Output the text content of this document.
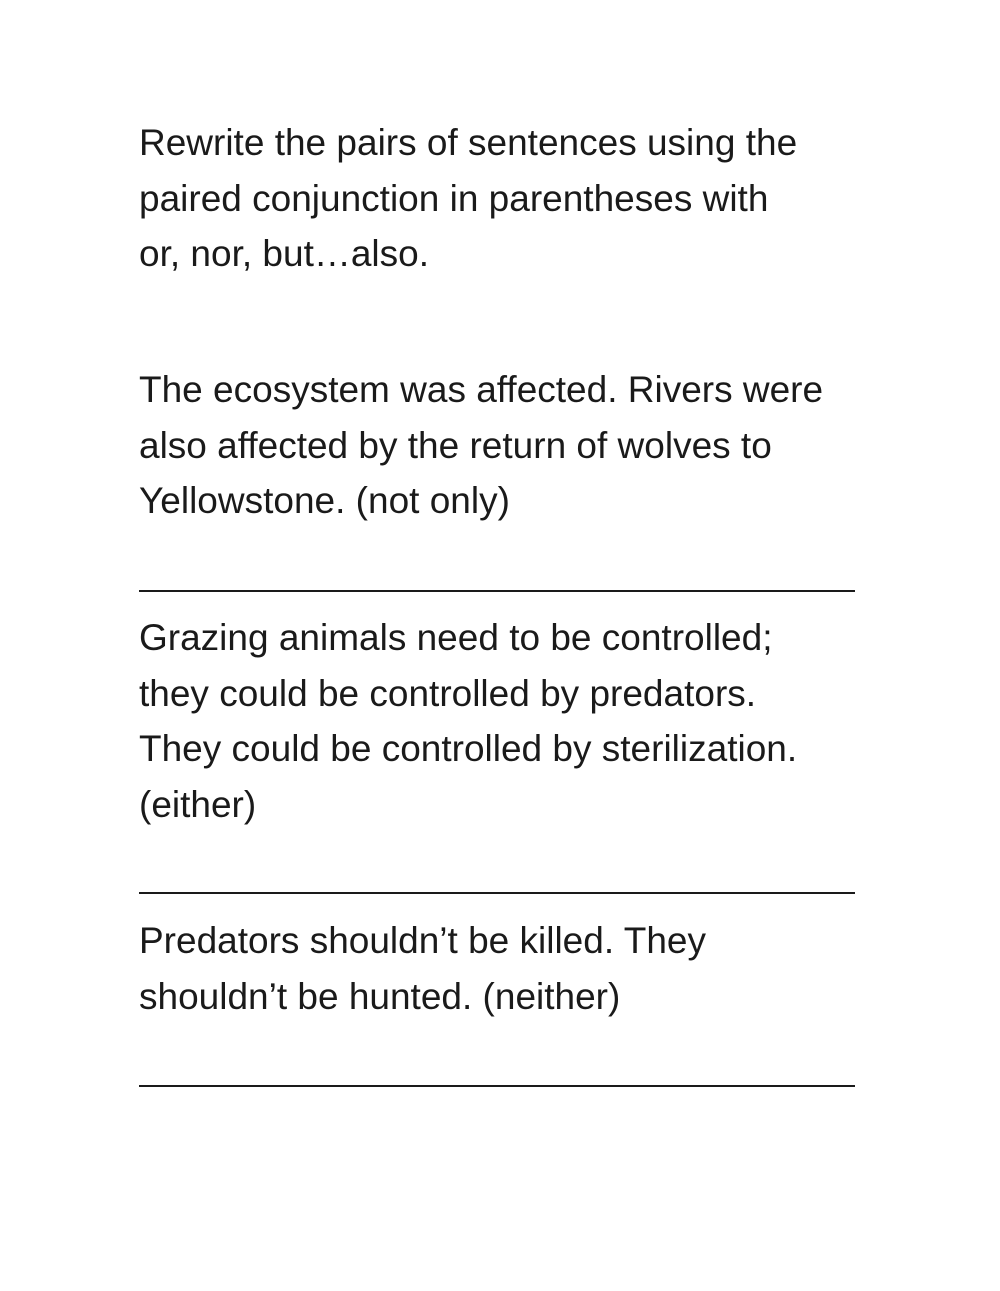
Rewrite the pairs of sentences using the
paired conjunction in parentheses with
or, nor, but…also.
The ecosystem was affected. Rivers were
also affected by the return of wolves to
Yellowstone. (not only)
Grazing animals need to be controlled;
they could be controlled by predators.
They could be controlled by sterilization.
(either)
Predators shouldn’t be killed. They
shouldn’t be hunted. (neither)
